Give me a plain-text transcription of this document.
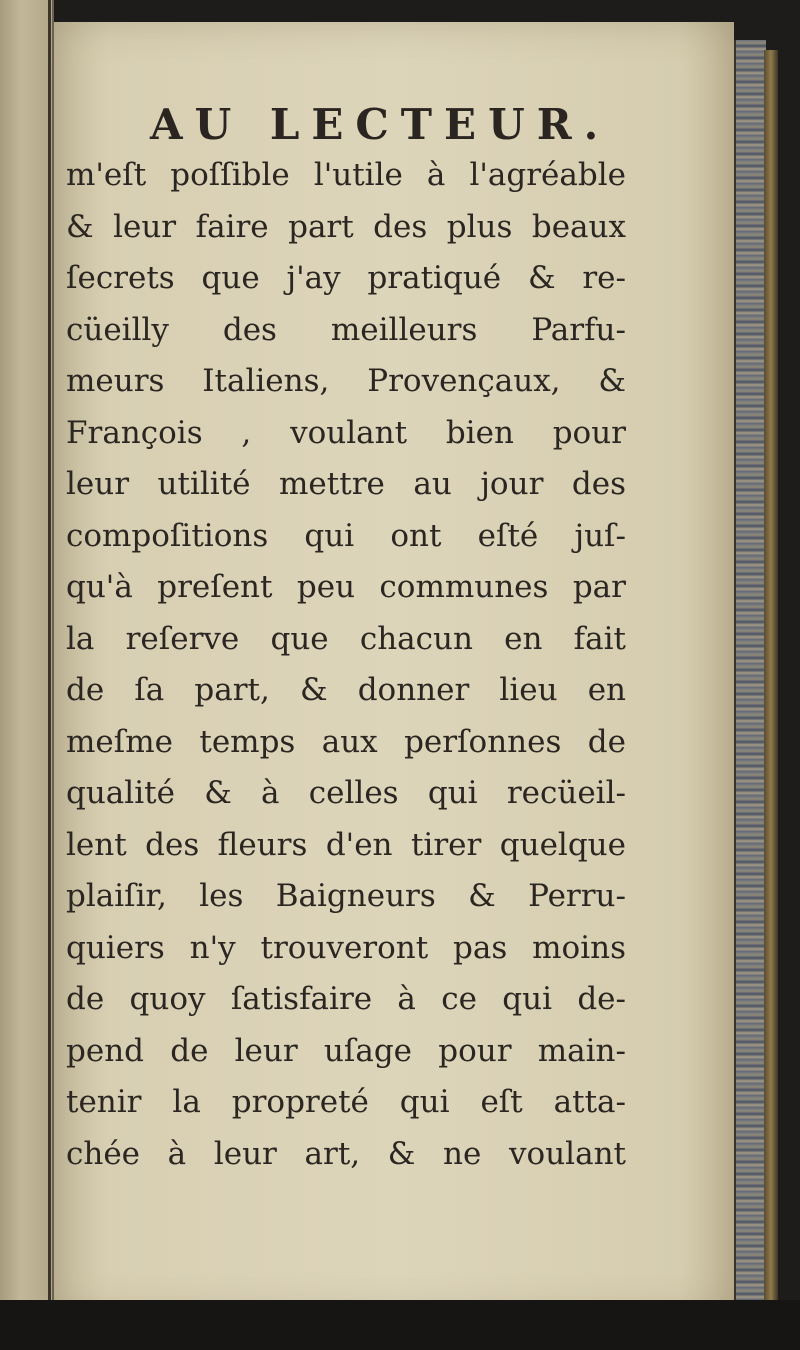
AU LECTEUR.
m'eſt poſſible l'utile à l'agréable
& leur faire part des plus beaux
ſecrets que j'ay pratiqué & re-
cüeilly des meilleurs Parfu-
meurs Italiens, Provençaux, &
François , voulant bien pour
leur utilité mettre au jour des
compoſitions qui ont eſté juſ-
qu'à preſent peu communes par
la reſerve que chacun en fait
de ſa part, & donner lieu en
meſme temps aux perſonnes de
qualité & à celles qui recüeil-
lent des fleurs d'en tirer quelque
plaiſir, les Baigneurs & Perru-
quiers n'y trouveront pas moins
de quoy ſatisfaire à ce qui de-
pend de leur uſage pour main-
tenir la propreté qui eſt atta-
chée à leur art, & ne voulant
